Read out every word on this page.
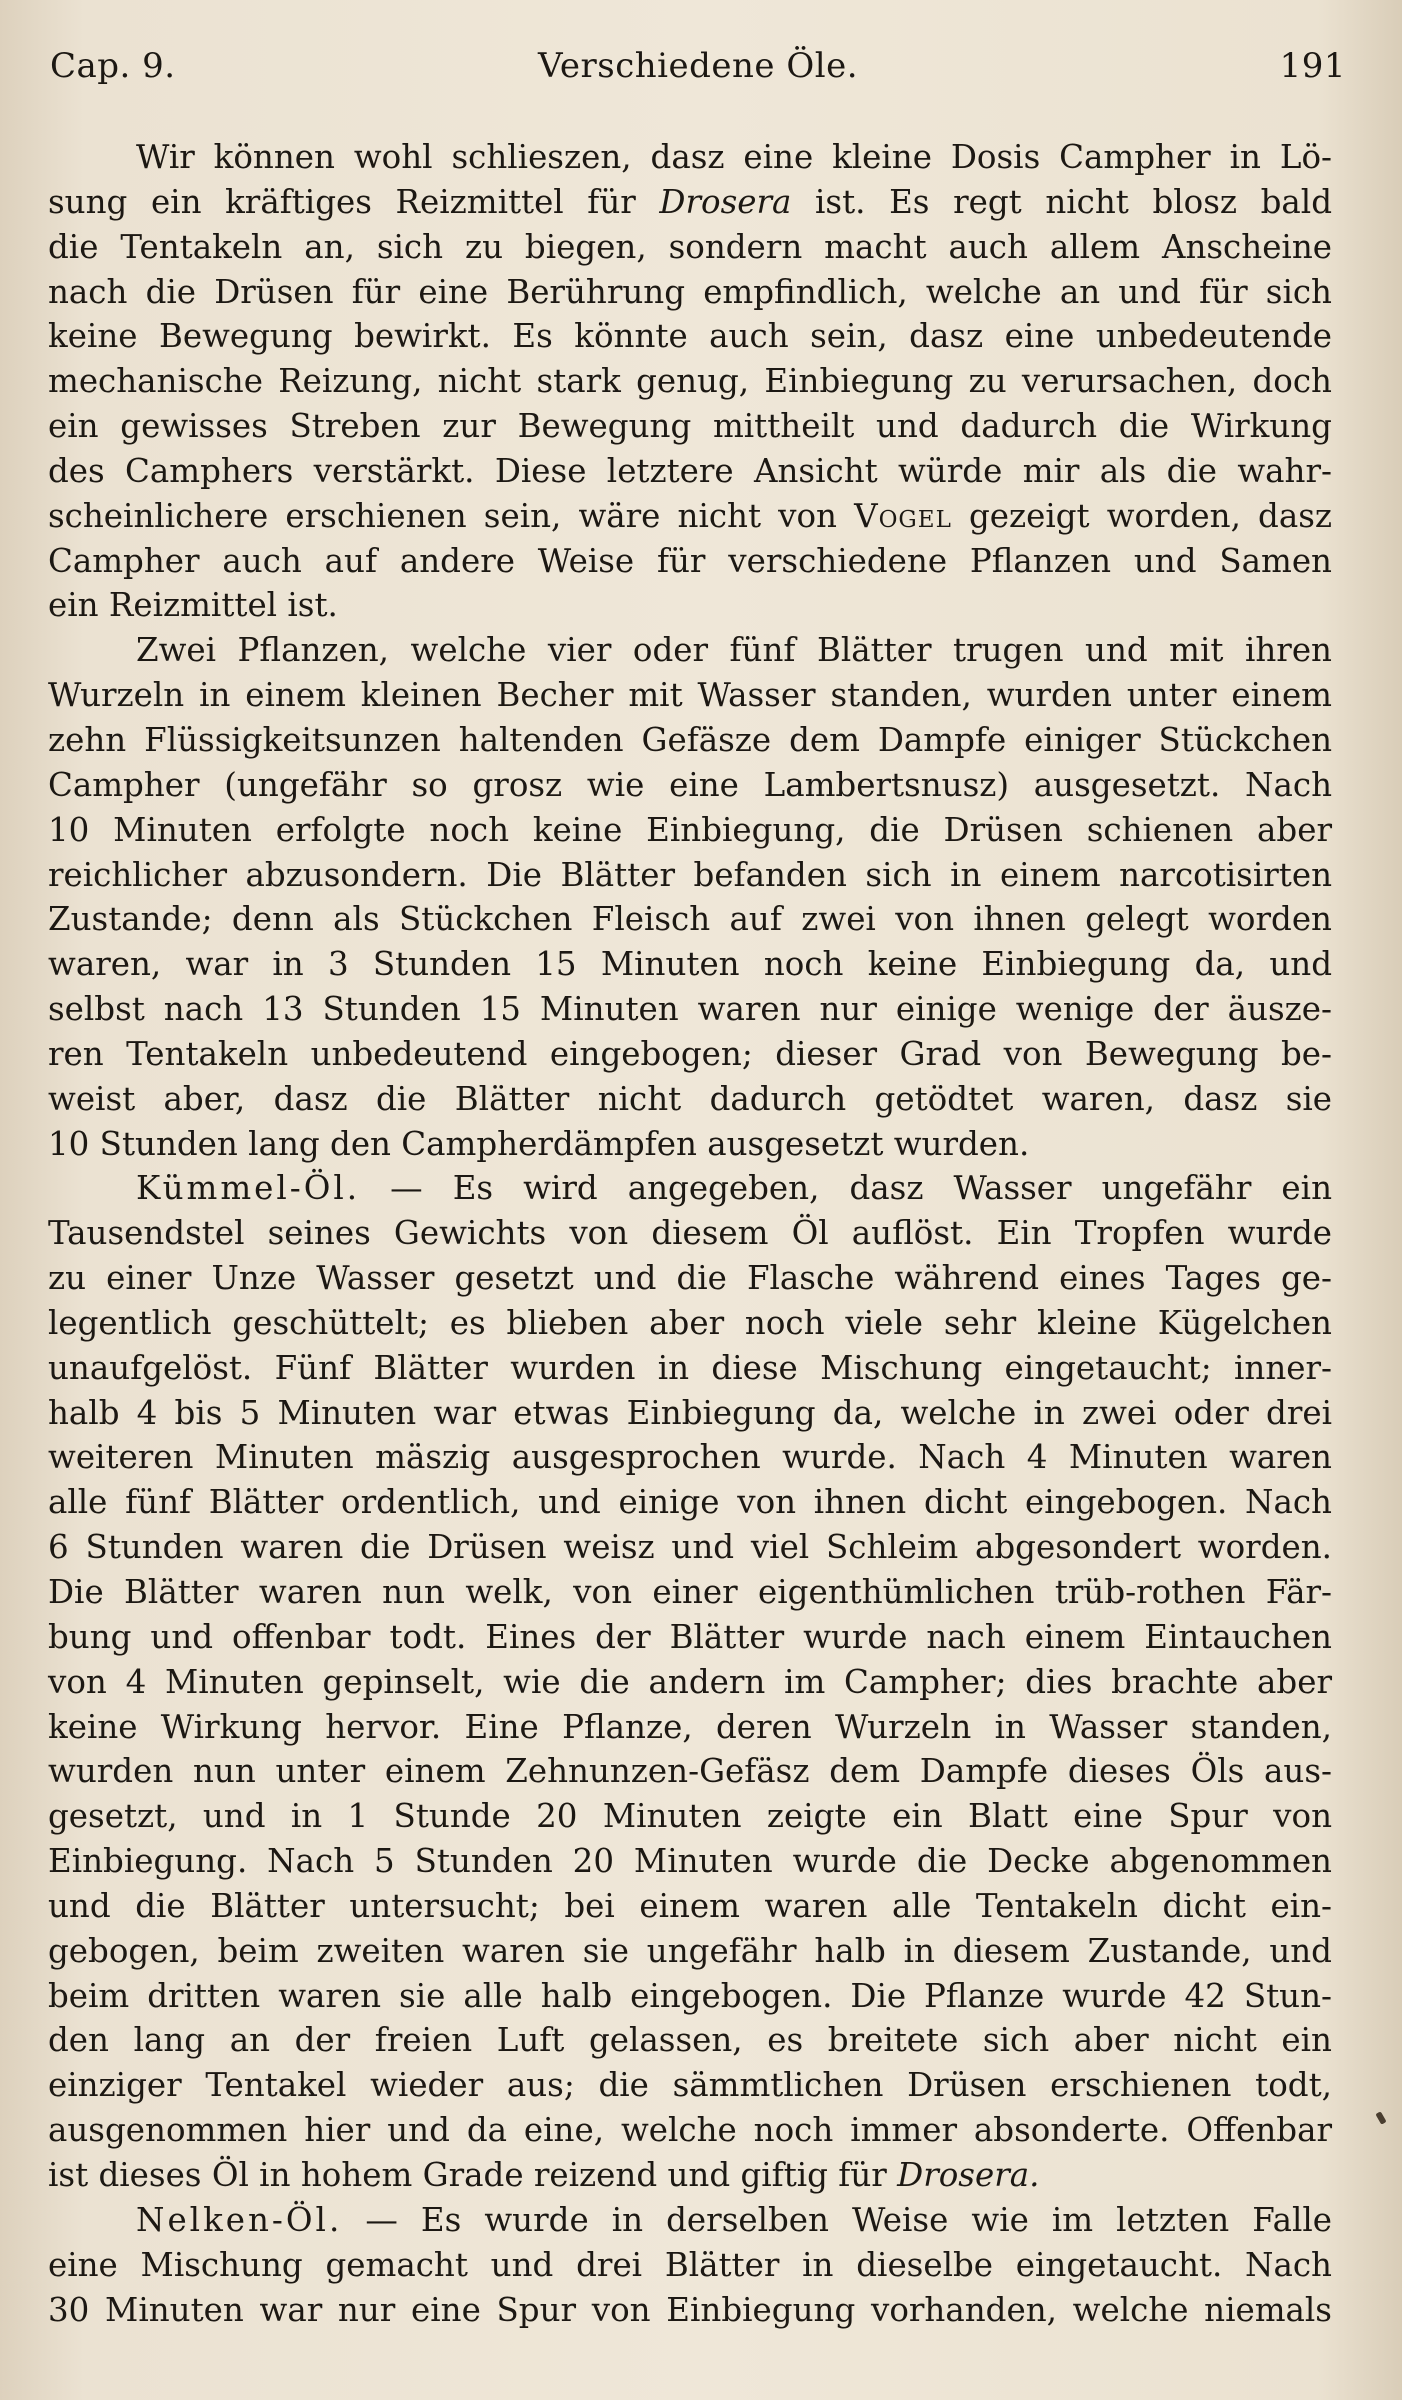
Cap. 9.	Verschiedene Öle.	191
Wir können wohl schlieszen, dasz eine kleine Dosis Campher in Lö-
sung ein kräftiges Reizmittel für Drosera ist. Es regt nicht blosz bald
die Tentakeln an, sich zu biegen, sondern macht auch allem Anscheine
nach die Drüsen für eine Berührung empfindlich, welche an und für sich
keine Bewegung bewirkt. Es könnte auch sein, dasz eine unbedeutende
mechanische Reizung, nicht stark genug, Einbiegung zu verursachen, doch
ein gewisses Streben zur Bewegung mittheilt und dadurch die Wirkung
des Camphers verstärkt. Diese letztere Ansicht würde mir als die wahr-
scheinlichere erschienen sein, wäre nicht von Vogel gezeigt worden, dasz
Campher auch auf andere Weise für verschiedene Pflanzen und Samen
ein Reizmittel ist.
Zwei Pflanzen, welche vier oder fünf Blätter trugen und mit ihren
Wurzeln in einem kleinen Becher mit Wasser standen, wurden unter einem
zehn Flüssigkeitsunzen haltenden Gefäsze dem Dampfe einiger Stückchen
Campher (ungefähr so grosz wie eine Lambertsnusz) ausgesetzt. Nach
10 Minuten erfolgte noch keine Einbiegung, die Drüsen schienen aber
reichlicher abzusondern. Die Blätter befanden sich in einem narcotisirten
Zustande; denn als Stückchen Fleisch auf zwei von ihnen gelegt worden
waren, war in 3 Stunden 15 Minuten noch keine Einbiegung da, und
selbst nach 13 Stunden 15 Minuten waren nur einige wenige der äusze-
ren Tentakeln unbedeutend eingebogen; dieser Grad von Bewegung be-
weist aber, dasz die Blätter nicht dadurch getödtet waren, dasz sie
10 Stunden lang den Campherdämpfen ausgesetzt wurden.
Kümmel-Öl. — Es wird angegeben, dasz Wasser ungefähr ein
Tausendstel seines Gewichts von diesem Öl auflöst. Ein Tropfen wurde
zu einer Unze Wasser gesetzt und die Flasche während eines Tages ge-
legentlich geschüttelt; es blieben aber noch viele sehr kleine Kügelchen
unaufgelöst. Fünf Blätter wurden in diese Mischung eingetaucht; inner-
halb 4 bis 5 Minuten war etwas Einbiegung da, welche in zwei oder drei
weiteren Minuten mäszig ausgesprochen wurde. Nach 4 Minuten waren
alle fünf Blätter ordentlich, und einige von ihnen dicht eingebogen. Nach
6 Stunden waren die Drüsen weisz und viel Schleim abgesondert worden.
Die Blätter waren nun welk, von einer eigenthümlichen trüb-rothen Fär-
bung und offenbar todt. Eines der Blätter wurde nach einem Eintauchen
von 4 Minuten gepinselt, wie die andern im Campher; dies brachte aber
keine Wirkung hervor. Eine Pflanze, deren Wurzeln in Wasser standen,
wurden nun unter einem Zehnunzen-Gefäsz dem Dampfe dieses Öls aus-
gesetzt, und in 1 Stunde 20 Minuten zeigte ein Blatt eine Spur von
Einbiegung. Nach 5 Stunden 20 Minuten wurde die Decke abgenommen
und die Blätter untersucht; bei einem waren alle Tentakeln dicht ein-
gebogen, beim zweiten waren sie ungefähr halb in diesem Zustande, und
beim dritten waren sie alle halb eingebogen. Die Pflanze wurde 42 Stun-
den lang an der freien Luft gelassen, es breitete sich aber nicht ein
einziger Tentakel wieder aus; die sämmtlichen Drüsen erschienen todt,
ausgenommen hier und da eine, welche noch immer absonderte. Offenbar
ist dieses Öl in hohem Grade reizend und giftig für Drosera.
Nelken-Öl. — Es wurde in derselben Weise wie im letzten Falle
eine Mischung gemacht und drei Blätter in dieselbe eingetaucht. Nach
30 Minuten war nur eine Spur von Einbiegung vorhanden, welche niemals
